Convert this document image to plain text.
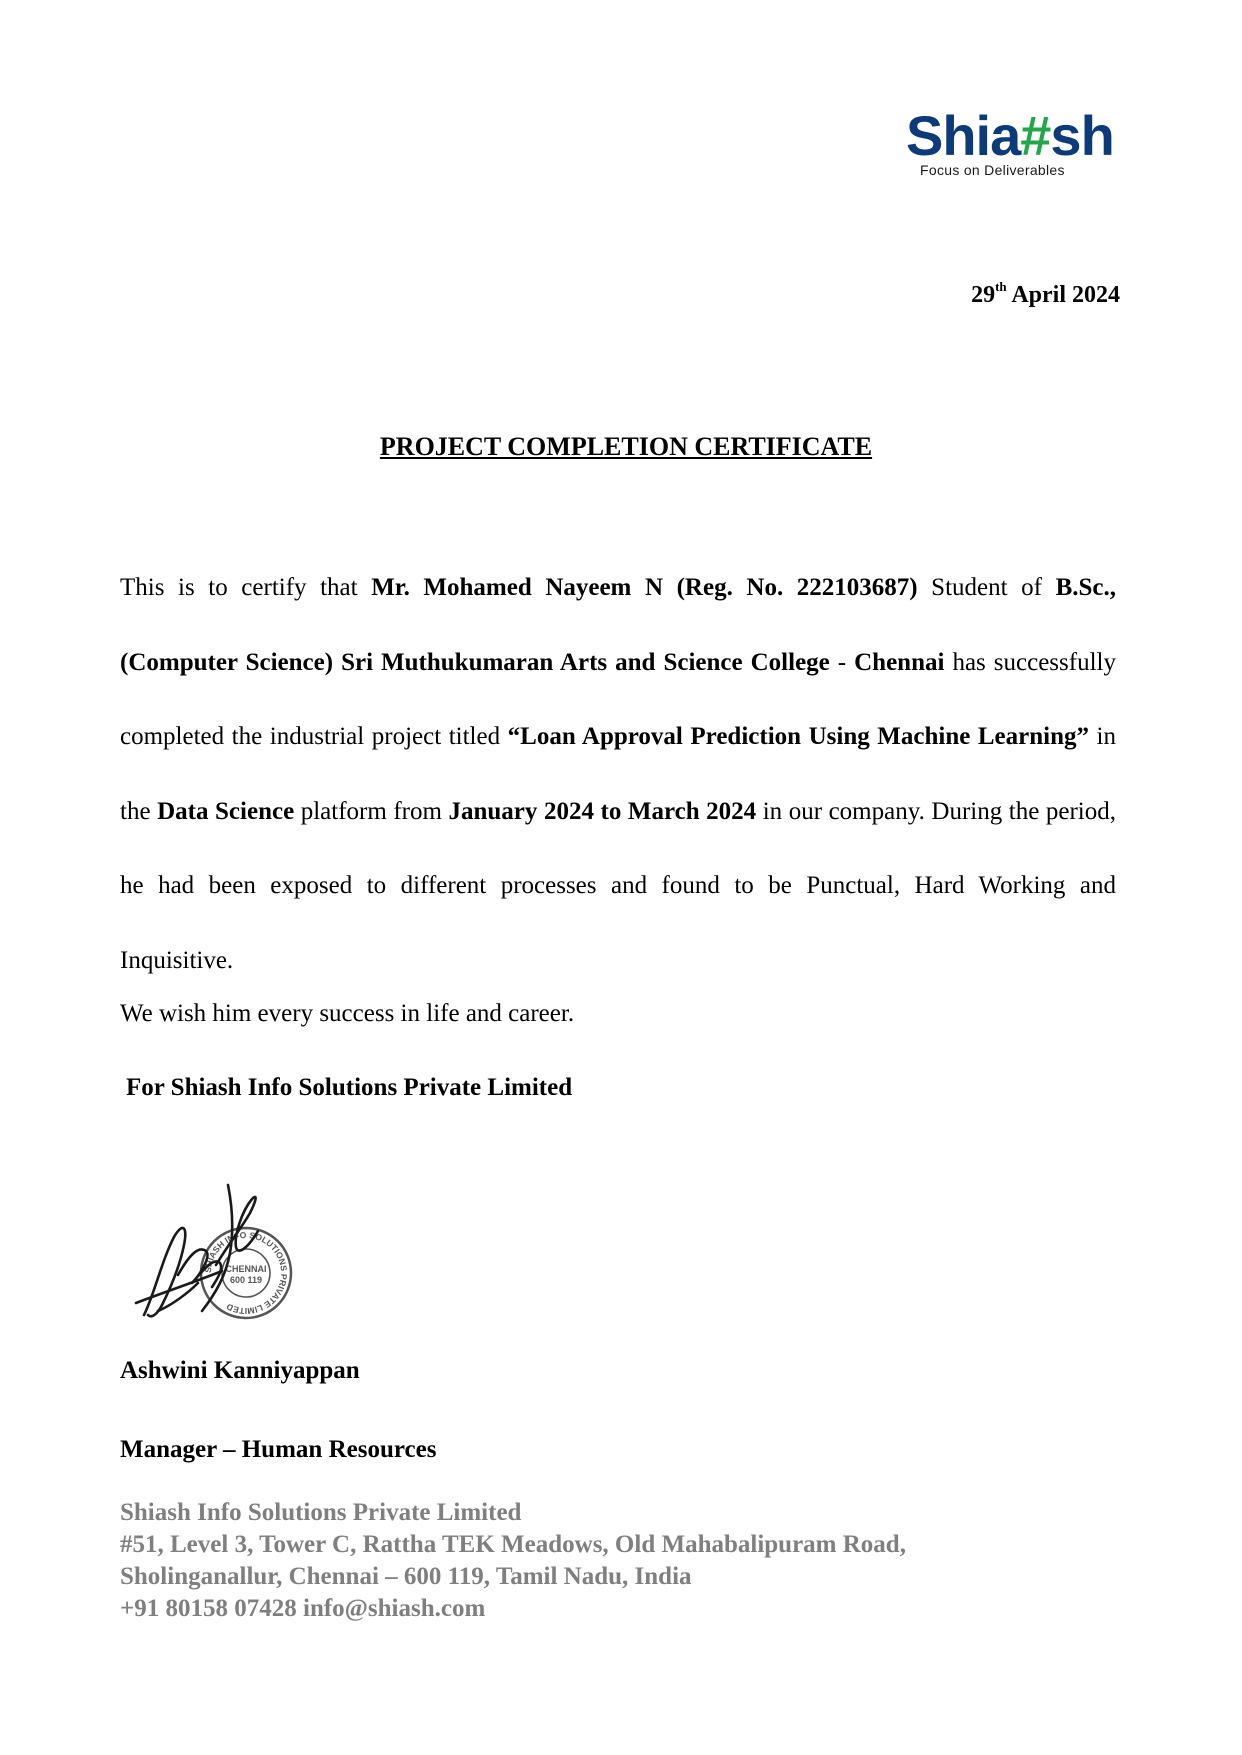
Shia#sh
Focus on Deliverables
29th April 2024
PROJECT COMPLETION CERTIFICATE
This is to certify that Mr. Mohamed Nayeem N (Reg. No. 222103687) Student of B.Sc.,(Computer Science) Sri Muthukumaran Arts and Science College - Chennai has successfully completed the industrial project titled “Loan Approval Prediction Using Machine Learning” in the Data Science platform from January 2024 to March 2024 in our company. During the period, he had been exposed to different processes and found to be Punctual, Hard Working and Inquisitive.
We wish him every success in life and career.
For Shiash Info Solutions Private Limited
SHIASH INFO SOLUTIONS PRIVATE LIMITED
CHENNAI
600 119
Ashwini Kanniyappan
Manager – Human Resources
Shiash Info Solutions Private Limited
#51, Level 3, Tower C, Rattha TEK Meadows, Old Mahabalipuram Road,
Sholinganallur, Chennai – 600 119, Tamil Nadu, India
+91 80158 07428 info@shiash.com
